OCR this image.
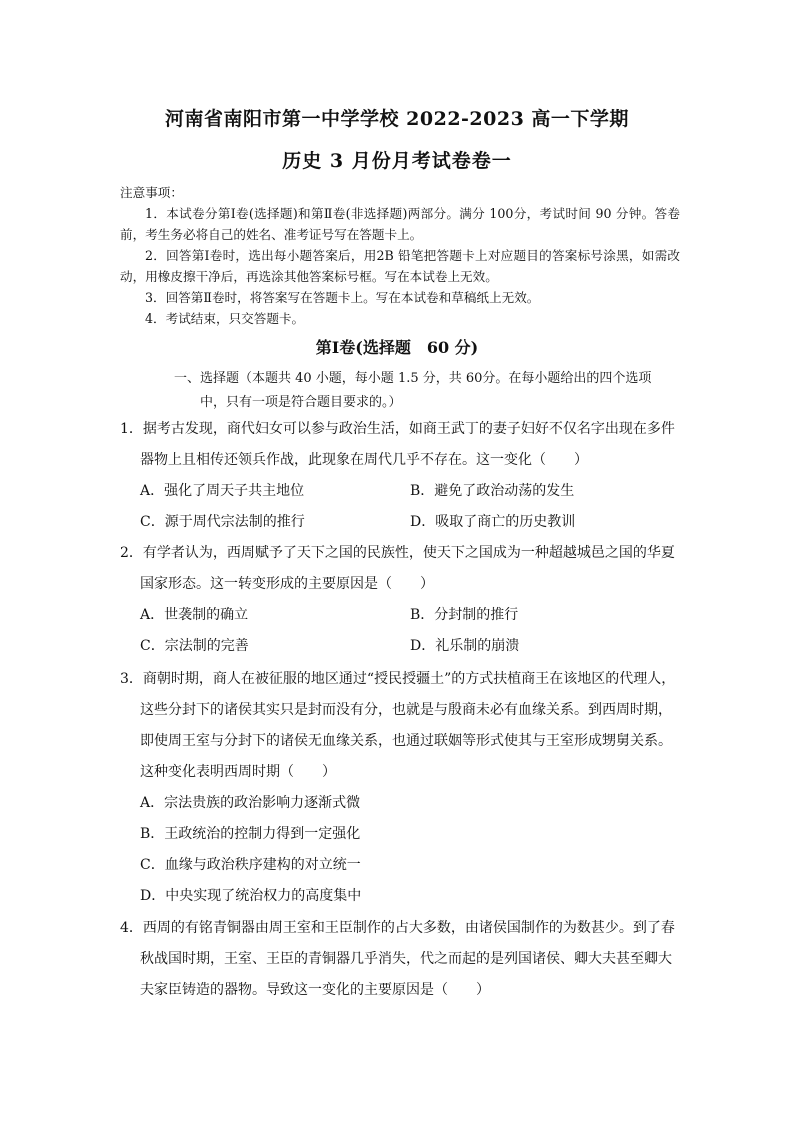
河南省南阳市第一中学学校 2022-2023 高一下学期
历史 3 月份月考试卷卷一
注意事项：

1．本试卷分第Ⅰ卷(选择题)和第Ⅱ卷(非选择题)两部分。满分 100分，考试时间 90 分钟。答卷前，考生务必将自己的姓名、准考证号写在答题卡上。

2．回答第Ⅰ卷时，选出每小题答案后，用2B 铅笔把答题卡上对应题目的答案标号涂黑，如需改动，用橡皮擦干净后，再选涂其他答案标号框。写在本试卷上无效。

3．回答第Ⅱ卷时，将答案写在答题卡上。写在本试卷和草稿纸上无效。

4．考试结束，只交答题卡。

第Ⅰ卷(选择题　60 分)
一、选择题（本题共 40 小题，每小题 1.5 分，共 60分。在每小题给出的四个选项
中，只有一项是符合题目要求的。）
1．据考古发现，商代妇女可以参与政治生活，如商王武丁的妻子妇好不仅名字出现在多件
器物上且相传还领兵作战，此现象在周代几乎不存在。这一变化（　　）
A．强化了周天子共主地位	B．避免了政治动荡的发生
C．源于周代宗法制的推行	D．吸取了商亡的历史教训
2．有学者认为，西周赋予了天下之国的民族性，使天下之国成为一种超越城邑之国的华夏
国家形态。这一转变形成的主要原因是（　　）
A．世袭制的确立	B．分封制的推行
C．宗法制的完善	D．礼乐制的崩溃
3．商朝时期，商人在被征服的地区通过“授民授疆土”的方式扶植商王在该地区的代理人，
这些分封下的诸侯其实只是封而没有分，也就是与殷商未必有血缘关系。到西周时期，
即使周王室与分封下的诸侯无血缘关系，也通过联姻等形式使其与王室形成甥舅关系。
这种变化表明西周时期（　　）
A．宗法贵族的政治影响力逐渐式微
B．王政统治的控制力得到一定强化
C．血缘与政治秩序建构的对立统一
D．中央实现了统治权力的高度集中
4．西周的有铭青铜器由周王室和王臣制作的占大多数，由诸侯国制作的为数甚少。到了春
秋战国时期，王室、王臣的青铜器几乎消失，代之而起的是列国诸侯、卿大夫甚至卿大
夫家臣铸造的器物。导致这一变化的主要原因是（　　）
